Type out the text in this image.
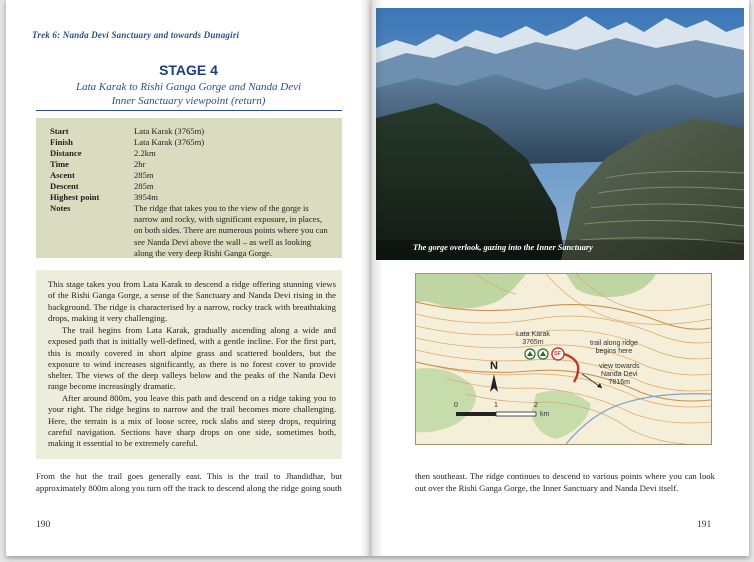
Trek 6: Nanda Devi Sanctuary and towards Dunagiri
STAGE 4
Lata Karak to Rishi Ganga Gorge and Nanda Devi
Inner Sanctuary viewpoint (return)
Start	Lata Karak (3765m)
Finish	Lata Karak (3765m)
Distance	2.2km
Time	2hr
Ascent	285m
Descent	285m
Highest point	3954m
Notes	The ridge that takes you to the view of the gorge is narrow and rocky, with significant exposure, in places, on both sides. There are numerous points where you can see Nanda Devi above the wall – as well as looking along the very deep Rishi Ganga Gorge.

This stage takes you from Lata Karak to descend a ridge offering stunning views of the Rishi Ganga Gorge, a sense of the Sanctuary and Nanda Devi rising in the background. The ridge is characterised by a narrow, rocky track with breathtaking drops, making it very challenging.

The trail begins from Lata Karak, gradually ascending along a wide and exposed path that is initially well-defined, with a gentle incline. For the first part, this is mostly covered in short alpine grass and scattered boulders, but the exposure to wind increases significantly, as there is no forest cover to provide shelter. The views of the deep valleys below and the peaks of the Nanda Devi range become increasingly dramatic.

After around 800m, you leave this path and descend on a ridge taking you to your right. The ridge begins to narrow and the trail becomes more challenging. Here, the terrain is a mix of loose scree, rock slabs and steep drops, requiring careful navigation. Sections have sharp drops on one side, sometimes both, making it essential to be extremely careful.

From the hut the trail goes generally east. This is the trail to Jhandidhar, but approximately 800m along you turn off the track to descend along the ridge going south

190
The gorge overlook, gazing into the Inner Sanctuary
Lata Karak
3765m	trail along ridge
begins here
view towards
Nanda Devi
7816m
SF
N
0	1	2
km

then southeast. The ridge continues to descend to various points where you can look out over the Rishi Ganga Gorge, the Inner Sanctuary and Nanda Devi itself.

191
